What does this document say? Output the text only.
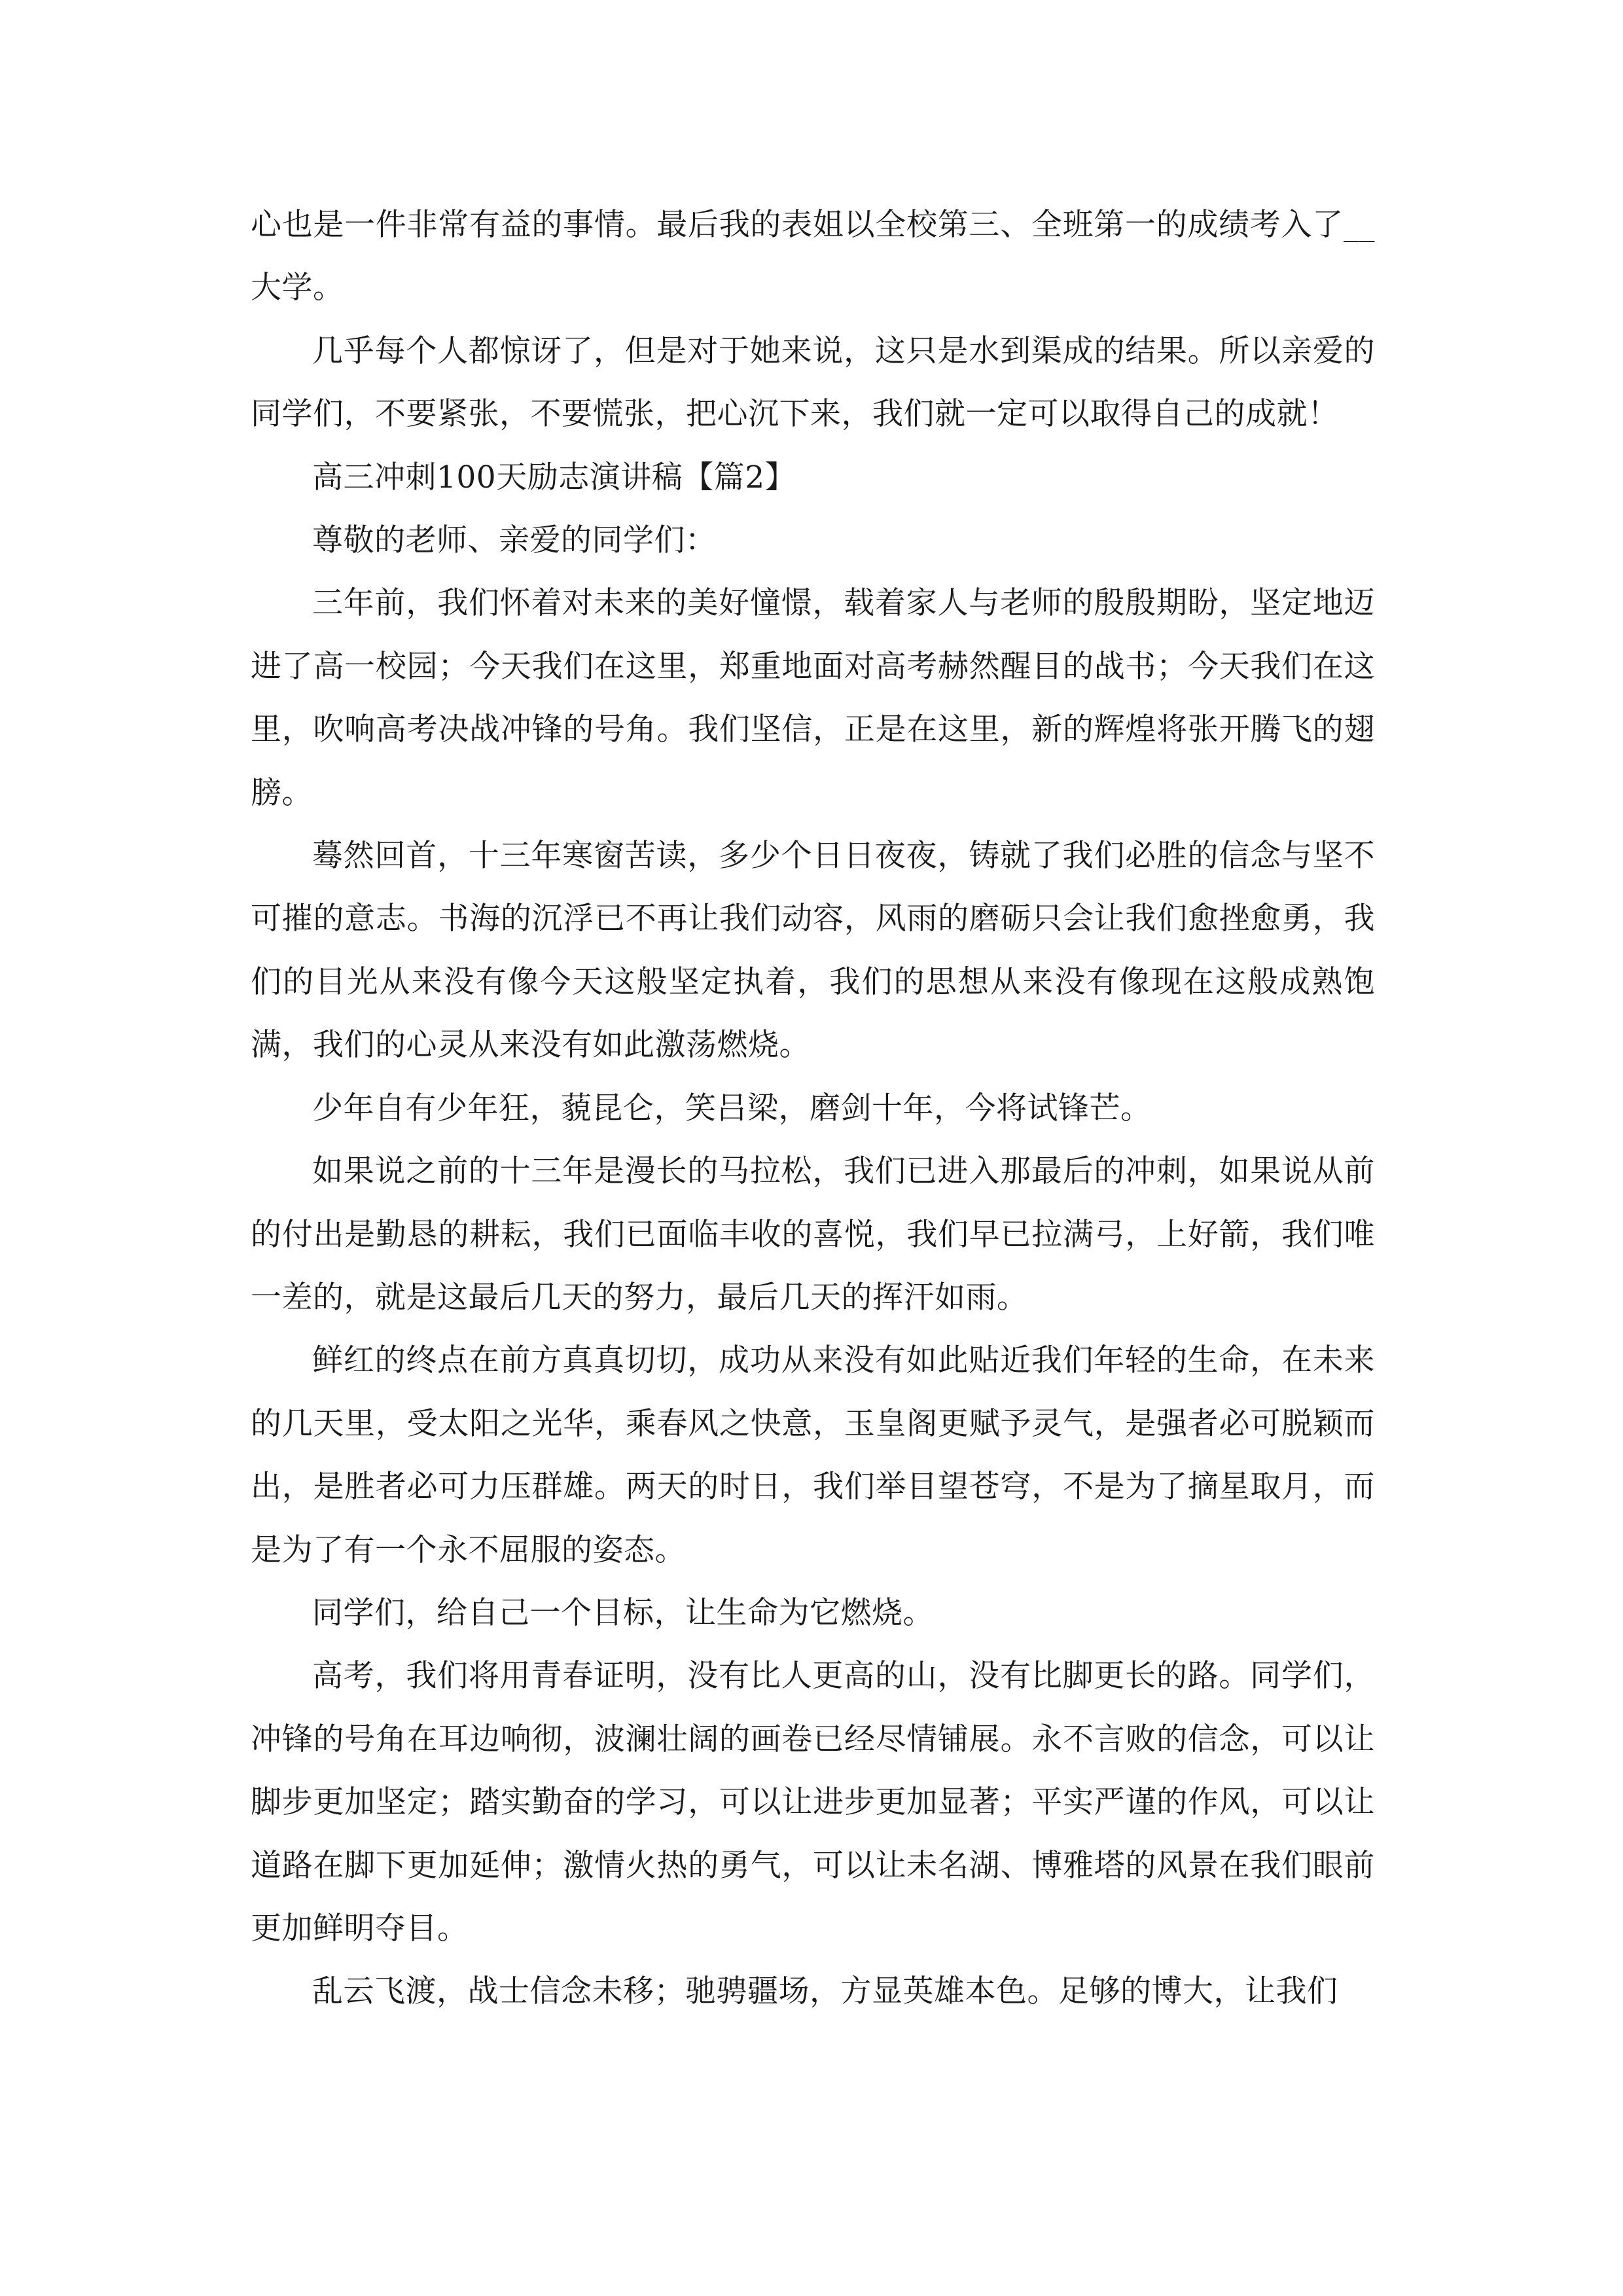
心也是一件非常有益的事情。最后我的表姐以全校第三、全班第一的成绩考入了__大学。

几乎每个人都惊讶了，但是对于她来说，这只是水到渠成的结果。所以亲爱的同学们，不要紧张，不要慌张，把心沉下来，我们就一定可以取得自己的成就！

高三冲刺100天励志演讲稿【篇2】

尊敬的老师、亲爱的同学们：

三年前，我们怀着对未来的美好憧憬，载着家人与老师的殷殷期盼，坚定地迈进了高一校园；今天我们在这里，郑重地面对高考赫然醒目的战书；今天我们在这里，吹响高考决战冲锋的号角。我们坚信，正是在这里，新的辉煌将张开腾飞的翅膀。

蓦然回首，十三年寒窗苦读，多少个日日夜夜，铸就了我们必胜的信念与坚不可摧的意志。书海的沉浮已不再让我们动容，风雨的磨砺只会让我们愈挫愈勇，我们的目光从来没有像今天这般坚定执着，我们的思想从来没有像现在这般成熟饱满，我们的心灵从来没有如此激荡燃烧。

少年自有少年狂，藐昆仑，笑吕梁，磨剑十年，今将试锋芒。

如果说之前的十三年是漫长的马拉松，我们已进入那最后的冲刺，如果说从前的付出是勤恳的耕耘，我们已面临丰收的喜悦，我们早已拉满弓，上好箭，我们唯一差的，就是这最后几天的努力，最后几天的挥汗如雨。

鲜红的终点在前方真真切切，成功从来没有如此贴近我们年轻的生命，在未来的几天里，受太阳之光华，乘春风之快意，玉皇阁更赋予灵气，是强者必可脱颖而出，是胜者必可力压群雄。两天的时日，我们举目望苍穹，不是为了摘星取月，而是为了有一个永不屈服的姿态。

同学们，给自己一个目标，让生命为它燃烧。

高考，我们将用青春证明，没有比人更高的山，没有比脚更长的路。同学们，冲锋的号角在耳边响彻，波澜壮阔的画卷已经尽情铺展。永不言败的信念，可以让脚步更加坚定；踏实勤奋的学习，可以让进步更加显著；平实严谨的作风，可以让道路在脚下更加延伸；激情火热的勇气，可以让未名湖、博雅塔的风景在我们眼前更加鲜明夺目。

乱云飞渡，战士信念未移；驰骋疆场，方显英雄本色。足够的博大，让我们
